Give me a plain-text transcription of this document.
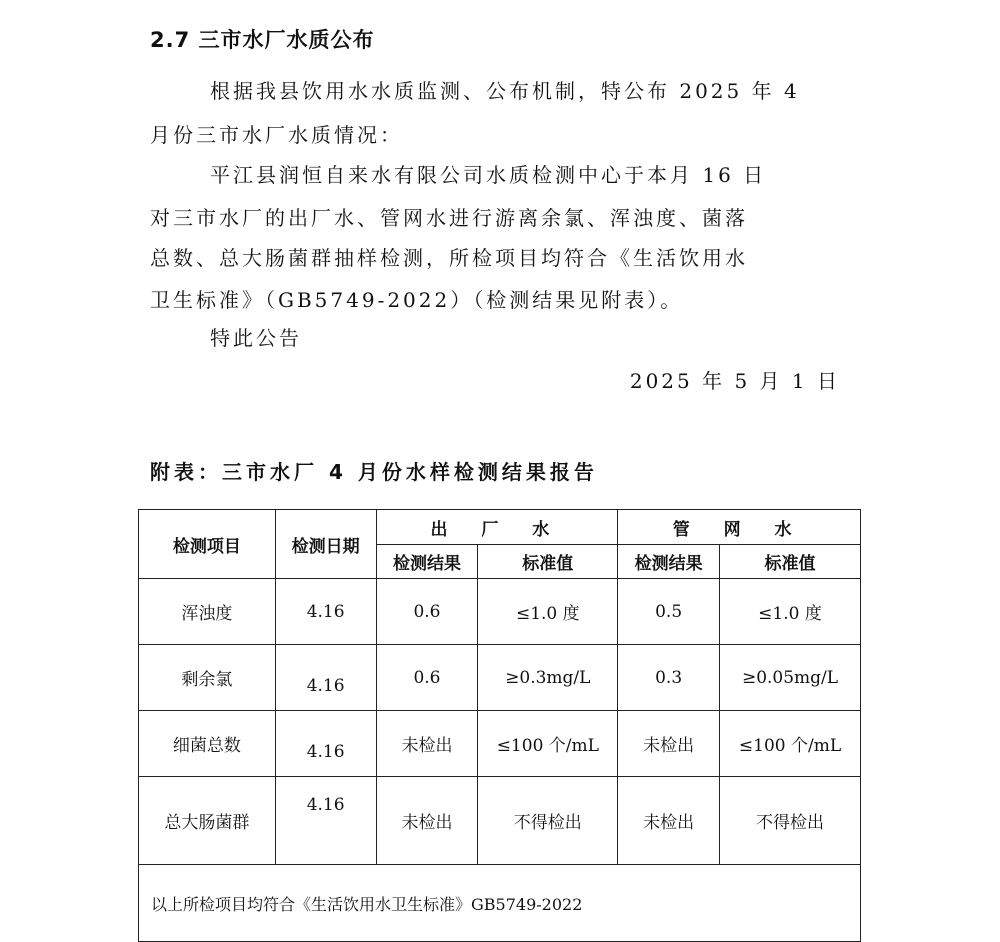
2.7 三市水厂水质公布
根据我县饮用水水质监测、公布机制，特公布 2025 年 4
月份三市水厂水质情况：
平江县润恒自来水有限公司水质检测中心于本月 16 日
对三市水厂的出厂水、管网水进行游离余氯、浑浊度、菌落
总数、总大肠菌群抽样检测，所检项目均符合《生活饮用水
卫生标准》（GB5749-2022）（检测结果见附表）。
特此公告
2025 年 5 月 1 日
附表：三市水厂 4 月份水样检测结果报告
检测项目	检测日期	出 厂 水		管 网 水	
		检测结果	标准值	检测结果	标准值
浑浊度	4.16	0.6	≤1.0 度	0.5	≤1.0 度
剩余氯	4.16	0.6	≥0.3mg/L	0.3	≥0.05mg/L
细菌总数	4.16	未检出	≤100 个/mL	未检出	≤100 个/mL
总大肠菌群	4.16	未检出	不得检出	未检出	不得检出
以上所检项目均符合《生活饮用水卫生标准》GB5749-2022					
